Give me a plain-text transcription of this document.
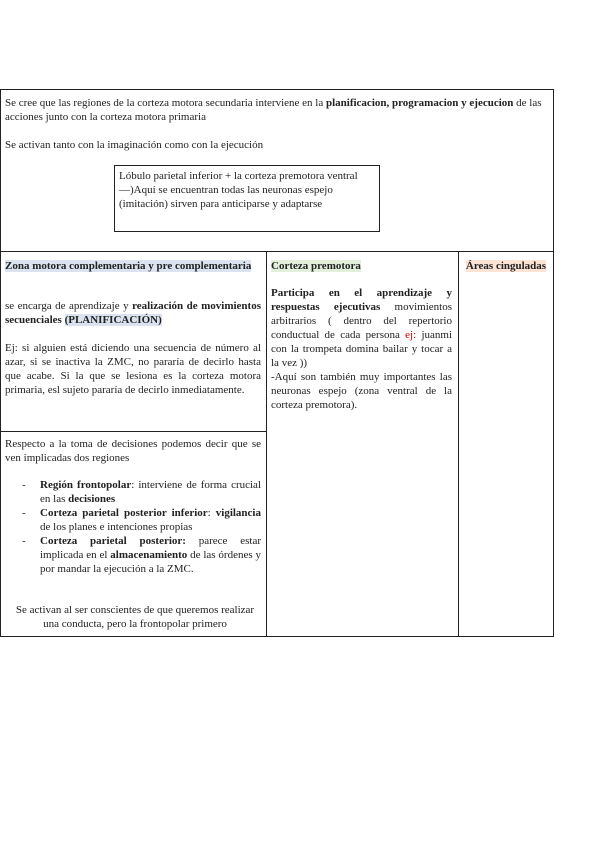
Se cree que las regiones de la corteza motora secundaria interviene en la planificacion, programacion y ejecucion de las acciones junto con la corteza motora primaria
Se activan tanto con la imaginación como con la ejecución
Lóbulo parietal inferior + la corteza premotora ventral—)Aquí se encuentran todas las neuronas espejo (imitación) sirven para anticiparse y adaptarse
Zona motora complementaria y pre complementaria
se encarga de aprendizaje y realización de movimientos secuenciales (PLANIFICACIÓN)
Ej: si alguien está diciendo una secuencia de número al azar, si se inactiva la ZMC, no pararía de decirlo hasta que acabe. Si la que se lesiona es la corteza motora primaria, esl sujeto pararía de decirlo inmediatamente.
Corteza premotora
Participa en el aprendizaje y respuestas ejecutivas movimientos arbitrarios ( dentro del repertorio conductual de cada persona ej: juanmi con la trompeta domina bailar y tocar a la vez ))
-Aquí son también muy importantes las neuronas espejo (zona ventral de la corteza premotora).
Áreas cinguladas
Respecto a la toma de decisiones podemos decir que se ven implicadas dos regiones
- Región frontopolar: interviene de forma crucial en las decisiones
- Corteza parietal posterior inferior: vigilancia de los planes e intenciones propias
- Corteza parietal posterior: parece estar implicada en el almacenamiento de las órdenes y por mandar la ejecución a la ZMC.
Se activan al ser conscientes de que queremos realizar una conducta, pero la frontopolar primero
